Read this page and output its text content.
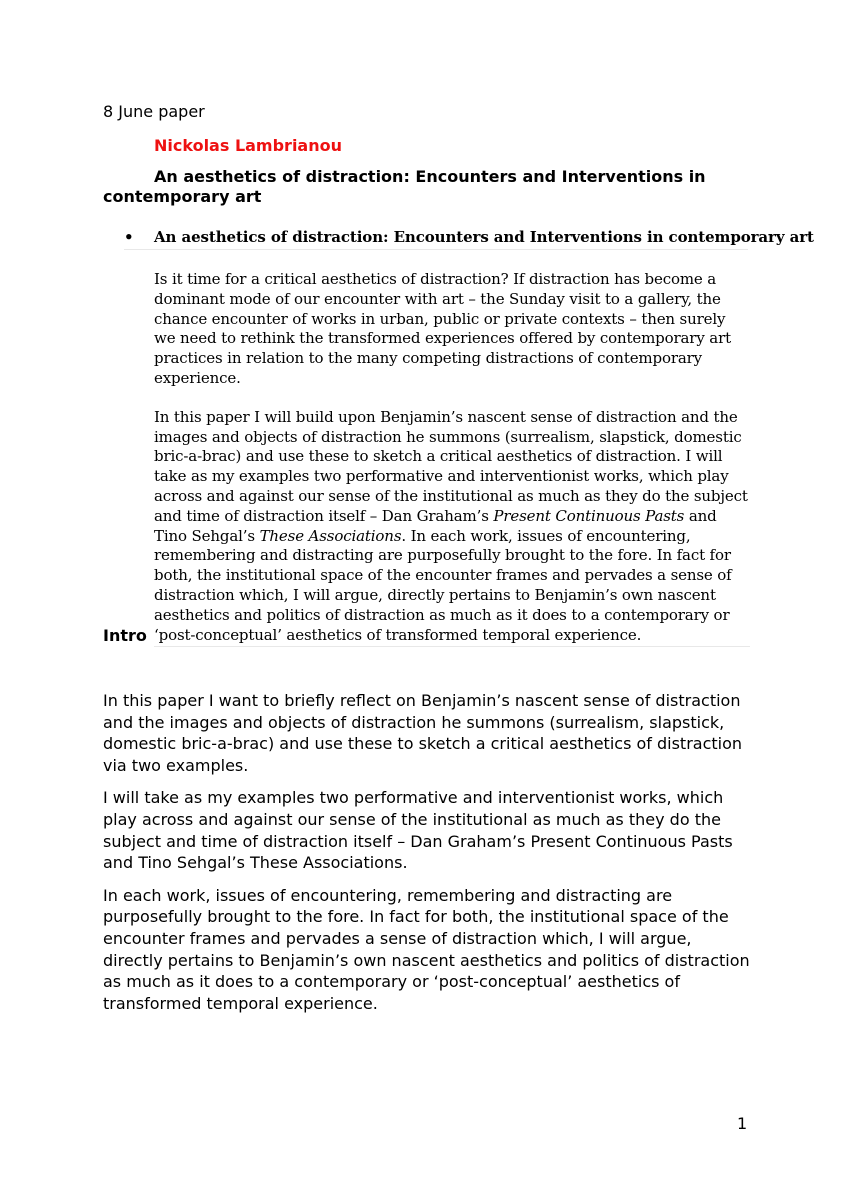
8 June paper
Nickolas Lambrianou
An aesthetics of distraction: Encounters and Interventions in contemporary art
• An aesthetics of distraction: Encounters and Interventions in contemporary art

Is it time for a critical aesthetics of distraction? If distraction has become a dominant mode of our encounter with art – the Sunday visit to a gallery, the chance encounter of works in urban, public or private contexts – then surely we need to rethink the transformed experiences offered by contemporary art practices in relation to the many competing distractions of contemporary experience.

In this paper I will build upon Benjamin’s nascent sense of distraction and the images and objects of distraction he summons (surrealism, slapstick, domestic bric-a-brac) and use these to sketch a critical aesthetics of distraction. I will take as my examples two performative and interventionist works, which play across and against our sense of the institutional as much as they do the subject and time of distraction itself – Dan Graham’s Present Continuous Pasts and Tino Sehgal’s These Associations. In each work, issues of encountering, remembering and distracting are purposefully brought to the fore. In fact for both, the institutional space of the encounter frames and pervades a sense of distraction which, I will argue, directly pertains to Benjamin’s own nascent aesthetics and politics of distraction as much as it does to a contemporary or ‘post-conceptual’ aesthetics of transformed temporal experience.

Intro

In this paper I want to briefly reflect on Benjamin’s nascent sense of distraction and the images and objects of distraction he summons (surrealism, slapstick, domestic bric-a-brac) and use these to sketch a critical aesthetics of distraction via two examples.

I will take as my examples two performative and interventionist works, which play across and against our sense of the institutional as much as they do the subject and time of distraction itself – Dan Graham’s Present Continuous Pasts and Tino Sehgal’s These Associations.

In each work, issues of encountering, remembering and distracting are purposefully brought to the fore. In fact for both, the institutional space of the encounter frames and pervades a sense of distraction which, I will argue, directly pertains to Benjamin’s own nascent aesthetics and politics of distraction as much as it does to a contemporary or ‘post-conceptual’ aesthetics of transformed temporal experience.

1
